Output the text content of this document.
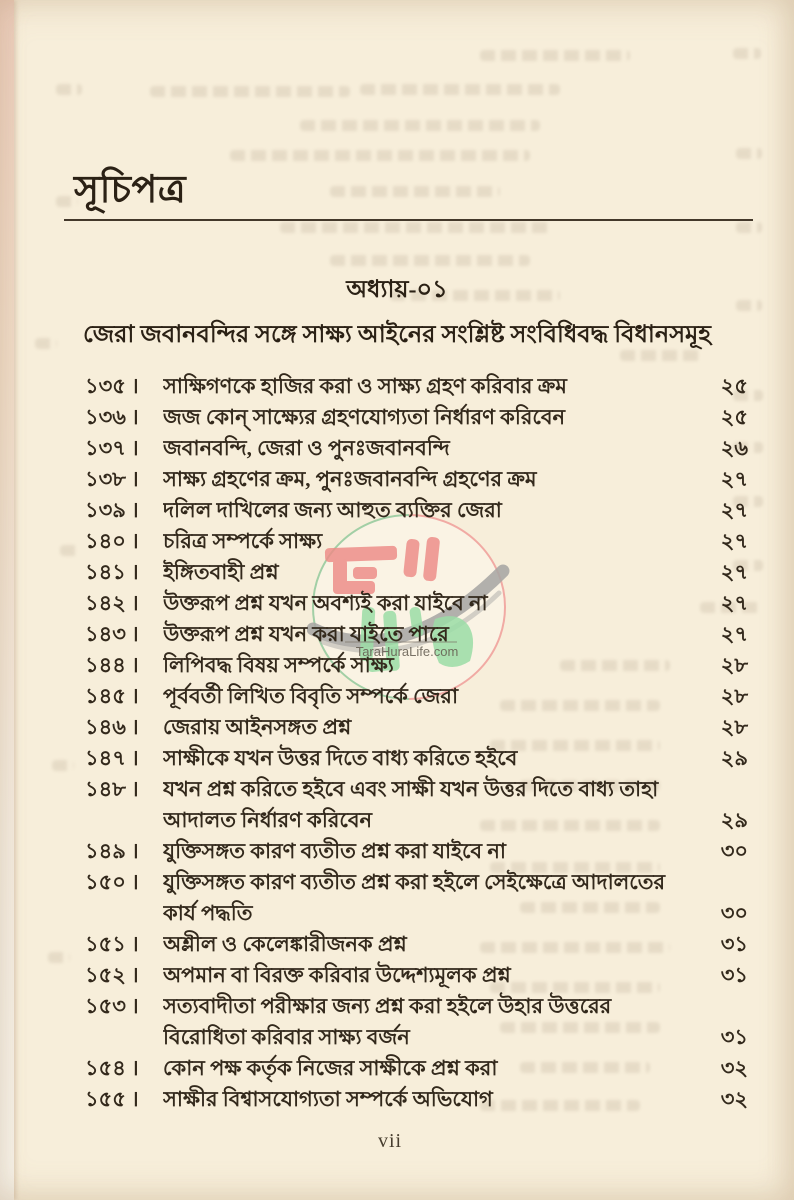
সূচিপত্র
অধ্যায়-০১
জেরা জবানবন্দির সঙ্গে সাক্ষ্য আইনের সংশ্লিষ্ট সংবিধিবদ্ধ বিধানসমূহ
১৩৫ ।	সাক্ষিগণকে হাজির করা ও সাক্ষ্য গ্রহণ করিবার ক্রম	২৫
১৩৬ ।	জজ কোন্ সাক্ষ্যের গ্রহণযোগ্যতা নির্ধারণ করিবেন	২৫
১৩৭ ।	জবানবন্দি, জেরা ও পুনঃজবানবন্দি	২৬
১৩৮ ।	সাক্ষ্য গ্রহণের ক্রম, পুনঃজবানবন্দি গ্রহণের ক্রম	২৭
১৩৯ ।	দলিল দাখিলের জন্য আহুত ব্যক্তির জেরা	২৭
১৪০ ।	চরিত্র সম্পর্কে সাক্ষ্য	২৭
১৪১ ।	ইঙ্গিতবাহী প্রশ্ন	২৭
১৪২ ।	উক্তরূপ প্রশ্ন যখন অবশ্যই করা যাইবে না	২৭
১৪৩ ।	উক্তরূপ প্রশ্ন যখন করা যাইতে পারে	২৭
১৪৪ ।	লিপিবদ্ধ বিষয় সম্পর্কে সাক্ষ্য	২৮
১৪৫ ।	পূর্ববর্তী লিখিত বিবৃতি সম্পর্কে জেরা	২৮
১৪৬ ।	জেরায় আইনসঙ্গত প্রশ্ন	২৮
১৪৭ ।	সাক্ষীকে যখন উত্তর দিতে বাধ্য করিতে হইবে	২৯
১৪৮ ।	যখন প্রশ্ন করিতে হইবে এবং সাক্ষী যখন উত্তর দিতে বাধ্য তাহা
আদালত নির্ধারণ করিবেন	২৯
১৪৯ ।	যুক্তিসঙ্গত কারণ ব্যতীত প্রশ্ন করা যাইবে না	৩০
১৫০ ।	যুক্তিসঙ্গত কারণ ব্যতীত প্রশ্ন করা হইলে সেইক্ষেত্রে আদালতের
কার্য পদ্ধতি	৩০
১৫১ ।	অশ্লীল ও কেলেঙ্কারীজনক প্রশ্ন	৩১
১৫২ ।	অপমান বা বিরক্ত করিবার উদ্দেশ্যমূলক প্রশ্ন	৩১
১৫৩ ।	সত্যবাদীতা পরীক্ষার জন্য প্রশ্ন করা হইলে উহার উত্তরের
বিরোধিতা করিবার সাক্ষ্য বর্জন	৩১
১৫৪ ।	কোন পক্ষ কর্তৃক নিজের সাক্ষীকে প্রশ্ন করা	৩২
১৫৫ ।	সাক্ষীর বিশ্বাসযোগ্যতা সম্পর্কে অভিযোগ	৩২
TaraHuraLife.com
vii
